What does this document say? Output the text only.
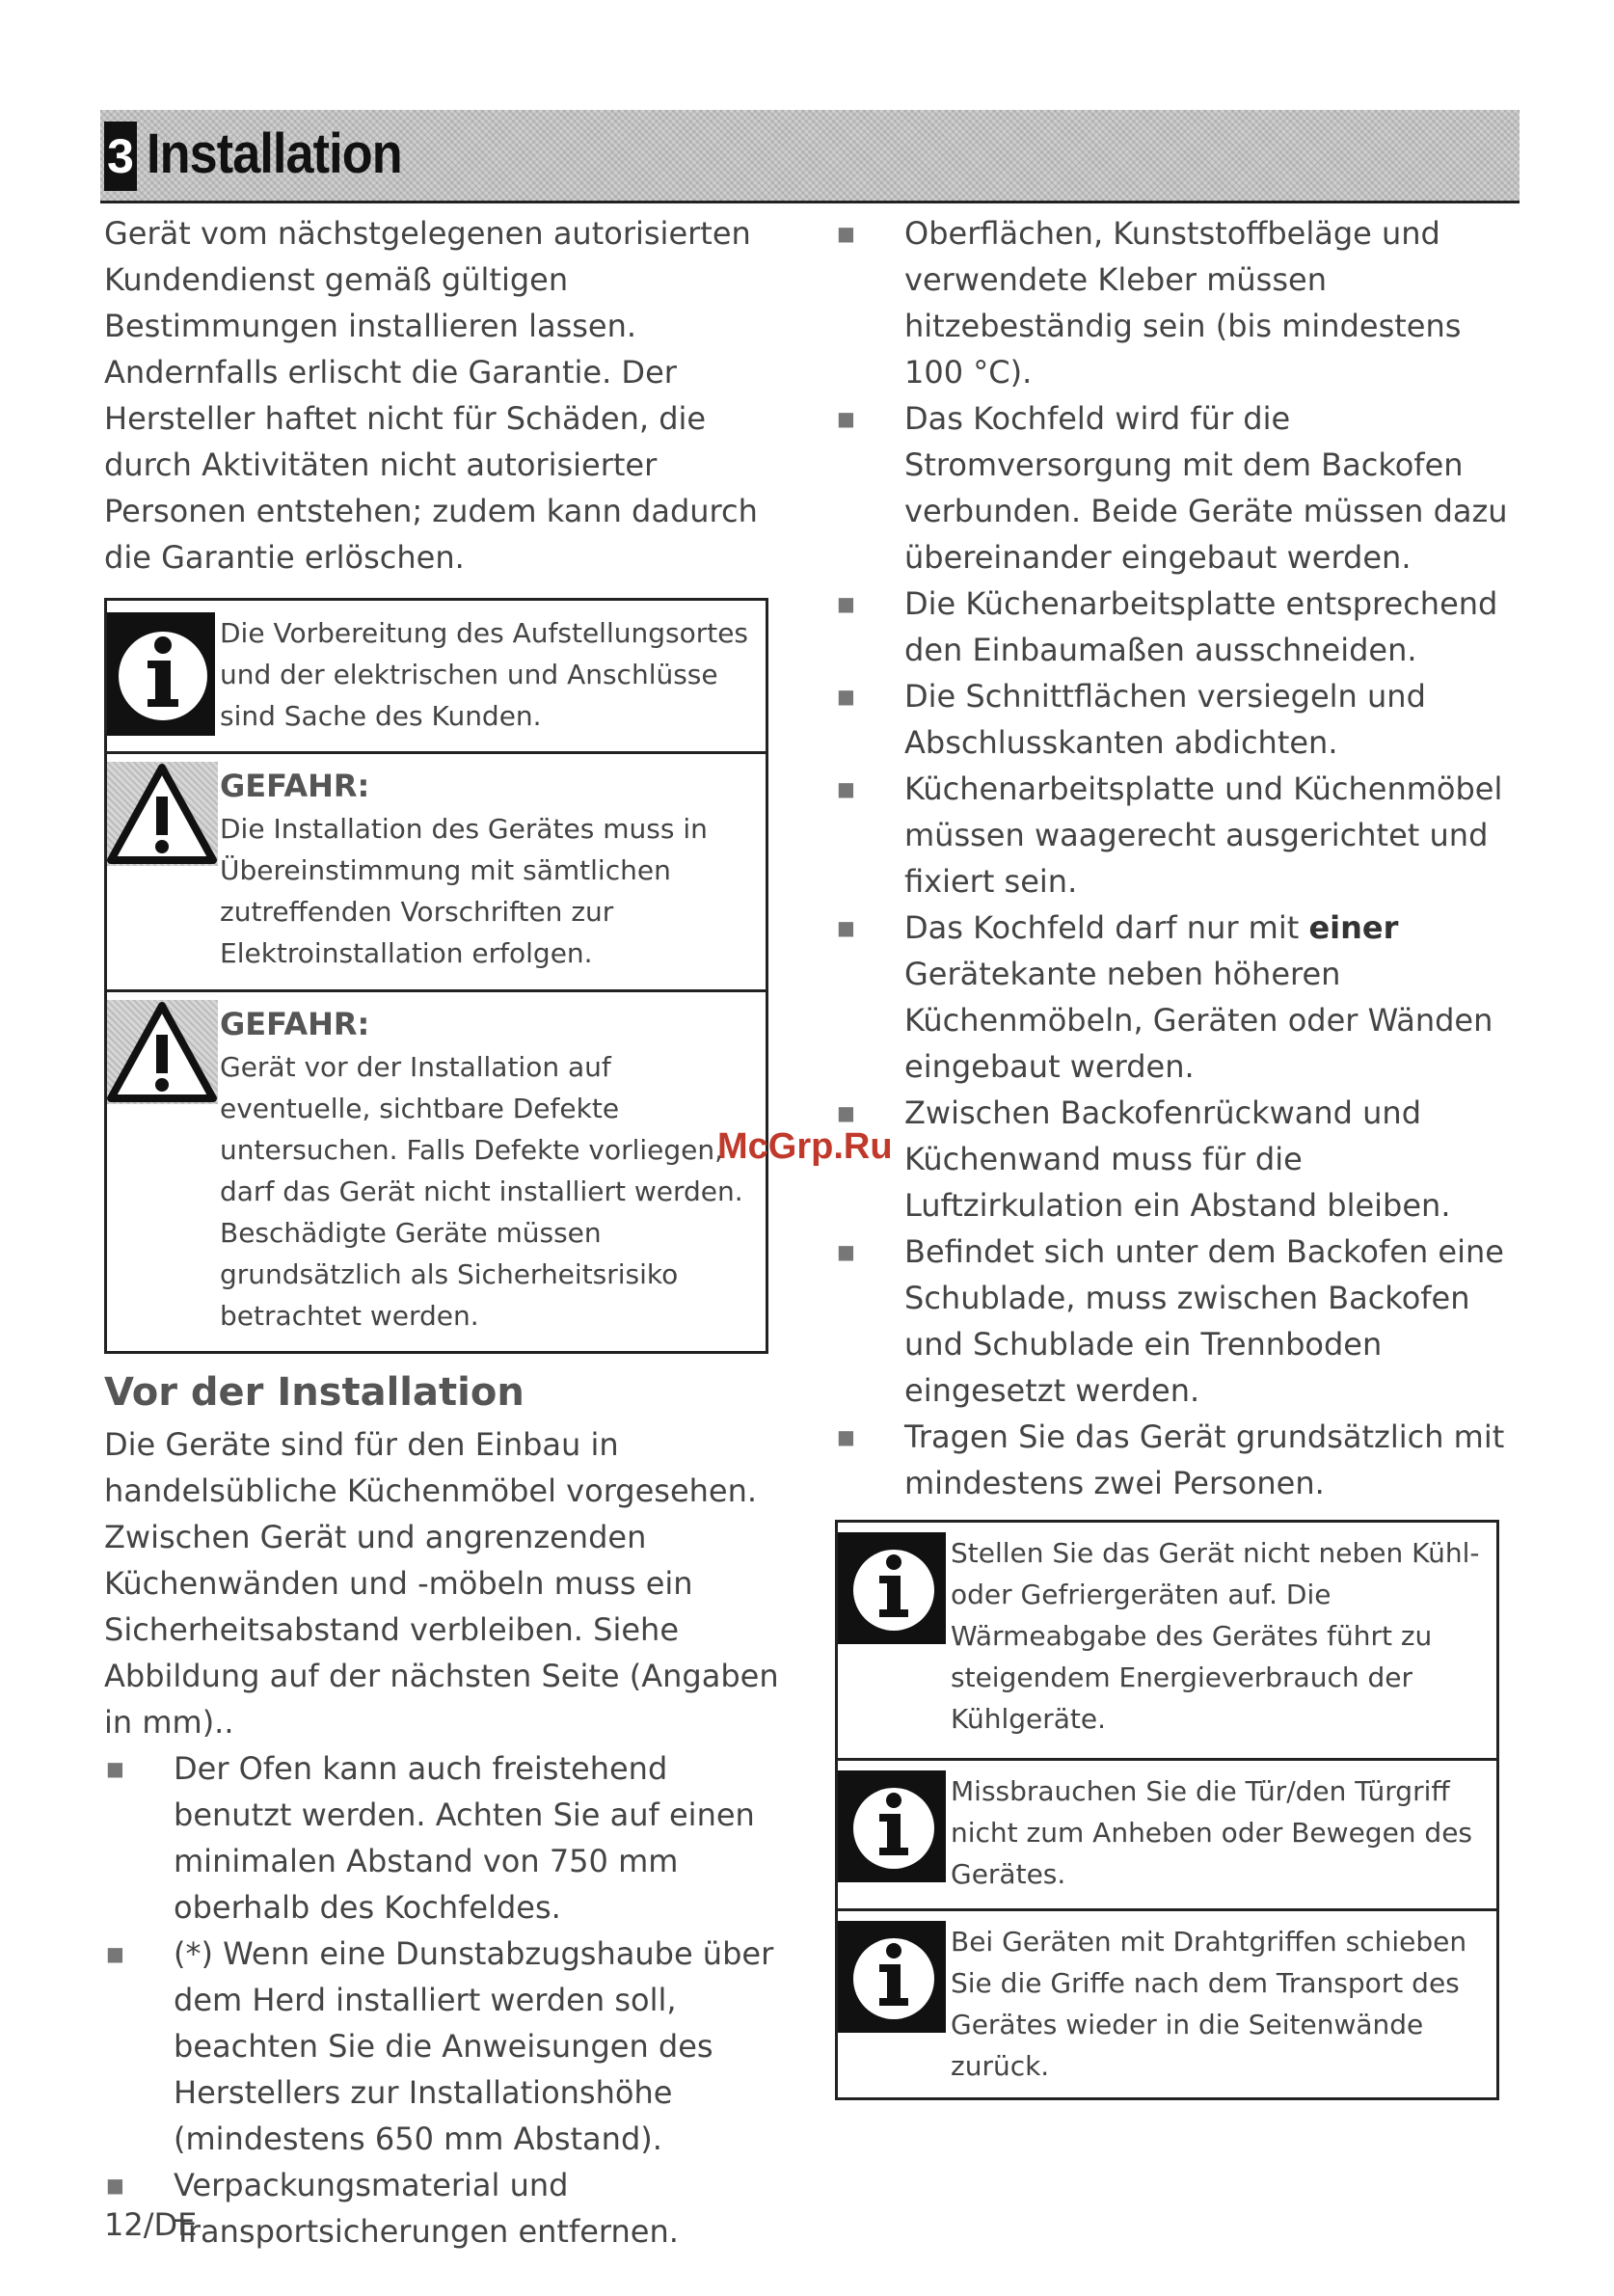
3 Installation

Gerät vom nächstgelegenen autorisierten Kundendienst gemäß gültigen Bestimmungen installieren lassen. Andernfalls erlischt die Garantie. Der Hersteller haftet nicht für Schäden, die durch Aktivitäten nicht autorisierter Personen entstehen; zudem kann dadurch die Garantie erlöschen.

Die Vorbereitung des Aufstellungsortes und der elektrischen und Anschlüsse sind Sache des Kunden.
GEFAHR:
Die Installation des Gerätes muss in Übereinstimmung mit sämtlichen zutreffenden Vorschriften zur Elektroinstallation erfolgen.
GEFAHR:
Gerät vor der Installation auf eventuelle, sichtbare Defekte untersuchen. Falls Defekte vorliegen, darf das Gerät nicht installiert werden.
Beschädigte Geräte müssen grundsätzlich als Sicherheitsrisiko betrachtet werden.
Vor der Installation

Die Geräte sind für den Einbau in handelsübliche Küchenmöbel vorgesehen. Zwischen Gerät und angrenzenden Küchenwänden und -möbeln muss ein Sicherheitsabstand verbleiben. Siehe Abbildung auf der nächsten Seite (Angaben in mm)..

■ Der Ofen kann auch freistehend benutzt werden. Achten Sie auf einen minimalen Abstand von 750 mm oberhalb des Kochfeldes.
■ (*) Wenn eine Dunstabzugshaube über dem Herd installiert werden soll, beachten Sie die Anweisungen des Herstellers zur Installationshöhe (mindestens 650 mm Abstand).
■ Verpackungsmaterial und Transportsicherungen entfernen.
■ Oberflächen, Kunststoffbeläge und verwendete Kleber müssen hitzebeständig sein (bis mindestens 100 °C).
■ Das Kochfeld wird für die Stromversorgung mit dem Backofen verbunden. Beide Geräte müssen dazu übereinander eingebaut werden.
■ Die Küchenarbeitsplatte entsprechend den Einbaumaßen ausschneiden.
■ Die Schnittflächen versiegeln und Abschlusskanten abdichten.
■ Küchenarbeitsplatte und Küchenmöbel müssen waagerecht ausgerichtet und fixiert sein.
■ Das Kochfeld darf nur mit einer Gerätekante neben höheren Küchenmöbeln, Geräten oder Wänden eingebaut werden.
■ Zwischen Backofenrückwand und Küchenwand muss für die Luftzirkulation ein Abstand bleiben.
■ Befindet sich unter dem Backofen eine Schublade, muss zwischen Backofen und Schublade ein Trennboden eingesetzt werden.
■ Tragen Sie das Gerät grundsätzlich mit mindestens zwei Personen.
Stellen Sie das Gerät nicht neben Kühl- oder Gefriergeräten auf. Die Wärmeabgabe des Gerätes führt zu steigendem Energieverbrauch der Kühlgeräte.
Missbrauchen Sie die Tür/den Türgriff nicht zum Anheben oder Bewegen des Gerätes.
Bei Geräten mit Drahtgriffen schieben Sie die Griffe nach dem Transport des Gerätes wieder in die Seitenwände zurück.
McGrp.Ru
12/DE
